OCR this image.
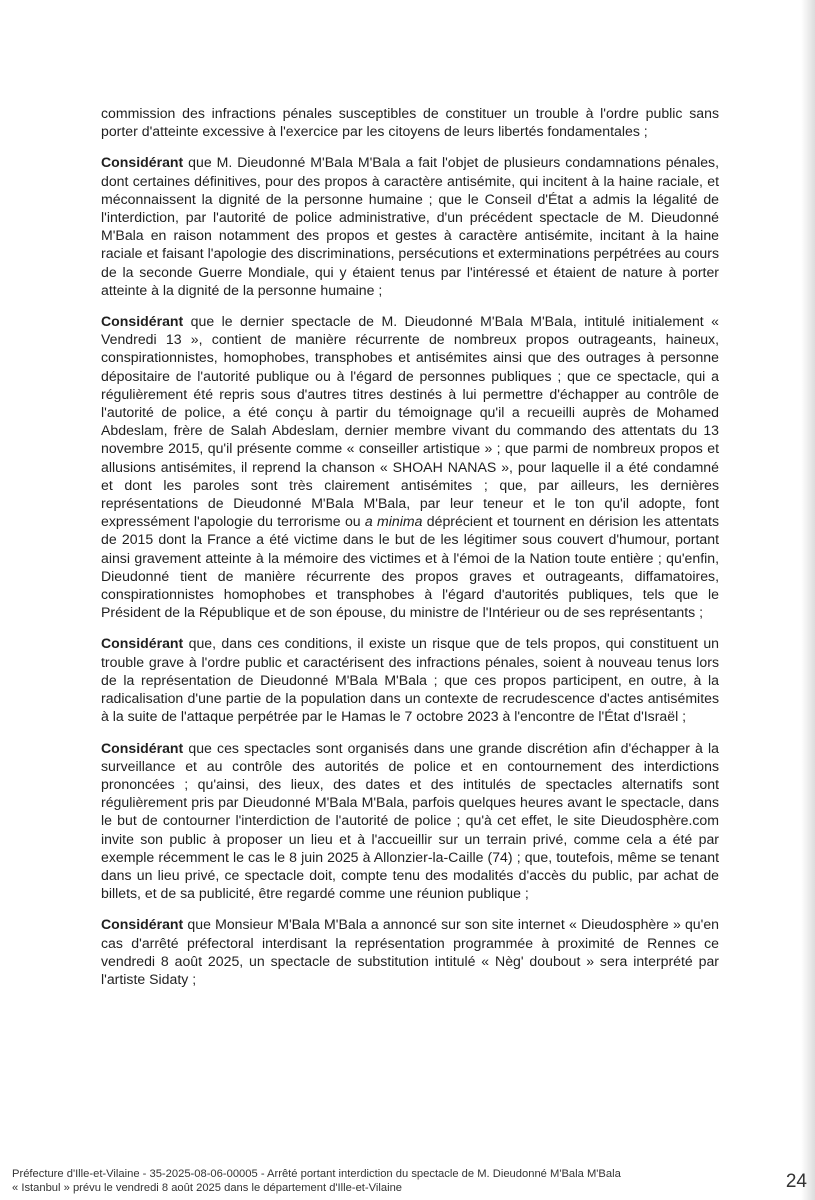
commission des infractions pénales susceptibles de constituer un trouble à l'ordre public sans porter d'atteinte excessive à l'exercice par les citoyens de leurs libertés fondamentales ;

Considérant que M. Dieudonné M'Bala M'Bala a fait l'objet de plusieurs condamnations pénales, dont certaines définitives, pour des propos à caractère antisémite, qui incitent à la haine raciale, et méconnaissent la dignité de la personne humaine ; que le Conseil d'État a admis la légalité de l'interdiction, par l'autorité de police administrative, d'un précédent spectacle de M. Dieudonné M'Bala en raison notamment des propos et gestes à caractère antisémite, incitant à la haine raciale et faisant l'apologie des discriminations, persécutions et exterminations perpétrées au cours de la seconde Guerre Mondiale, qui y étaient tenus par l'intéressé et étaient de nature à porter atteinte à la dignité de la personne humaine ;

Considérant que le dernier spectacle de M. Dieudonné M'Bala M'Bala, intitulé initialement « Vendredi 13 », contient de manière récurrente de nombreux propos outrageants, haineux, conspirationnistes, homophobes, transphobes et antisémites ainsi que des outrages à personne dépositaire de l'autorité publique ou à l'égard de personnes publiques ; que ce spectacle, qui a régulièrement été repris sous d'autres titres destinés à lui permettre d'échapper au contrôle de l'autorité de police, a été conçu à partir du témoignage qu'il a recueilli auprès de Mohamed Abdeslam, frère de Salah Abdeslam, dernier membre vivant du commando des attentats du 13 novembre 2015, qu'il présente comme « conseiller artistique » ; que parmi de nombreux propos et allusions antisémites, il reprend la chanson « SHOAH NANAS », pour laquelle il a été condamné et dont les paroles sont très clairement antisémites ; que, par ailleurs, les dernières représentations de Dieudonné M'Bala M'Bala, par leur teneur et le ton qu'il adopte, font expressément l'apologie du terrorisme ou a minima déprécient et tournent en dérision les attentats de 2015 dont la France a été victime dans le but de les légitimer sous couvert d'humour, portant ainsi gravement atteinte à la mémoire des victimes et à l'émoi de la Nation toute entière ; qu'enfin, Dieudonné tient de manière récurrente des propos graves et outrageants, diffamatoires, conspirationnistes homophobes et transphobes à l'égard d'autorités publiques, tels que le Président de la République et de son épouse, du ministre de l'Intérieur ou de ses représentants ;

Considérant que, dans ces conditions, il existe un risque que de tels propos, qui constituent un trouble grave à l'ordre public et caractérisent des infractions pénales, soient à nouveau tenus lors de la représentation de Dieudonné M'Bala M'Bala ; que ces propos participent, en outre, à la radicalisation d'une partie de la population dans un contexte de recrudescence d'actes antisémites à la suite de l'attaque perpétrée par le Hamas le 7 octobre 2023 à l'encontre de l'État d'Israël ;

Considérant que ces spectacles sont organisés dans une grande discrétion afin d'échapper à la surveillance et au contrôle des autorités de police et en contournement des interdictions prononcées ; qu'ainsi, des lieux, des dates et des intitulés de spectacles alternatifs sont régulièrement pris par Dieudonné M'Bala M'Bala, parfois quelques heures avant le spectacle, dans le but de contourner l'interdiction de l'autorité de police ; qu'à cet effet, le site Dieudosphère.com invite son public à proposer un lieu et à l'accueillir sur un terrain privé, comme cela a été par exemple récemment le cas le 8 juin 2025 à Allonzier-la-Caille (74) ; que, toutefois, même se tenant dans un lieu privé, ce spectacle doit, compte tenu des modalités d'accès du public, par achat de billets, et de sa publicité, être regardé comme une réunion publique ;

Considérant que Monsieur M'Bala M'Bala a annoncé sur son site internet « Dieudosphère » qu'en cas d'arrêté préfectoral interdisant la représentation programmée à proximité de Rennes ce vendredi 8 août 2025, un spectacle de substitution intitulé « Nèg' doubout » sera interprété par l'artiste Sidaty ;

Préfecture d'Ille-et-Vilaine - 35-2025-08-06-00005 - Arrêté portant interdiction du spectacle de M. Dieudonné M'Bala M'Bala
« Istanbul » prévu le vendredi 8 août 2025 dans le département d'Ille-et-Vilaine	24
